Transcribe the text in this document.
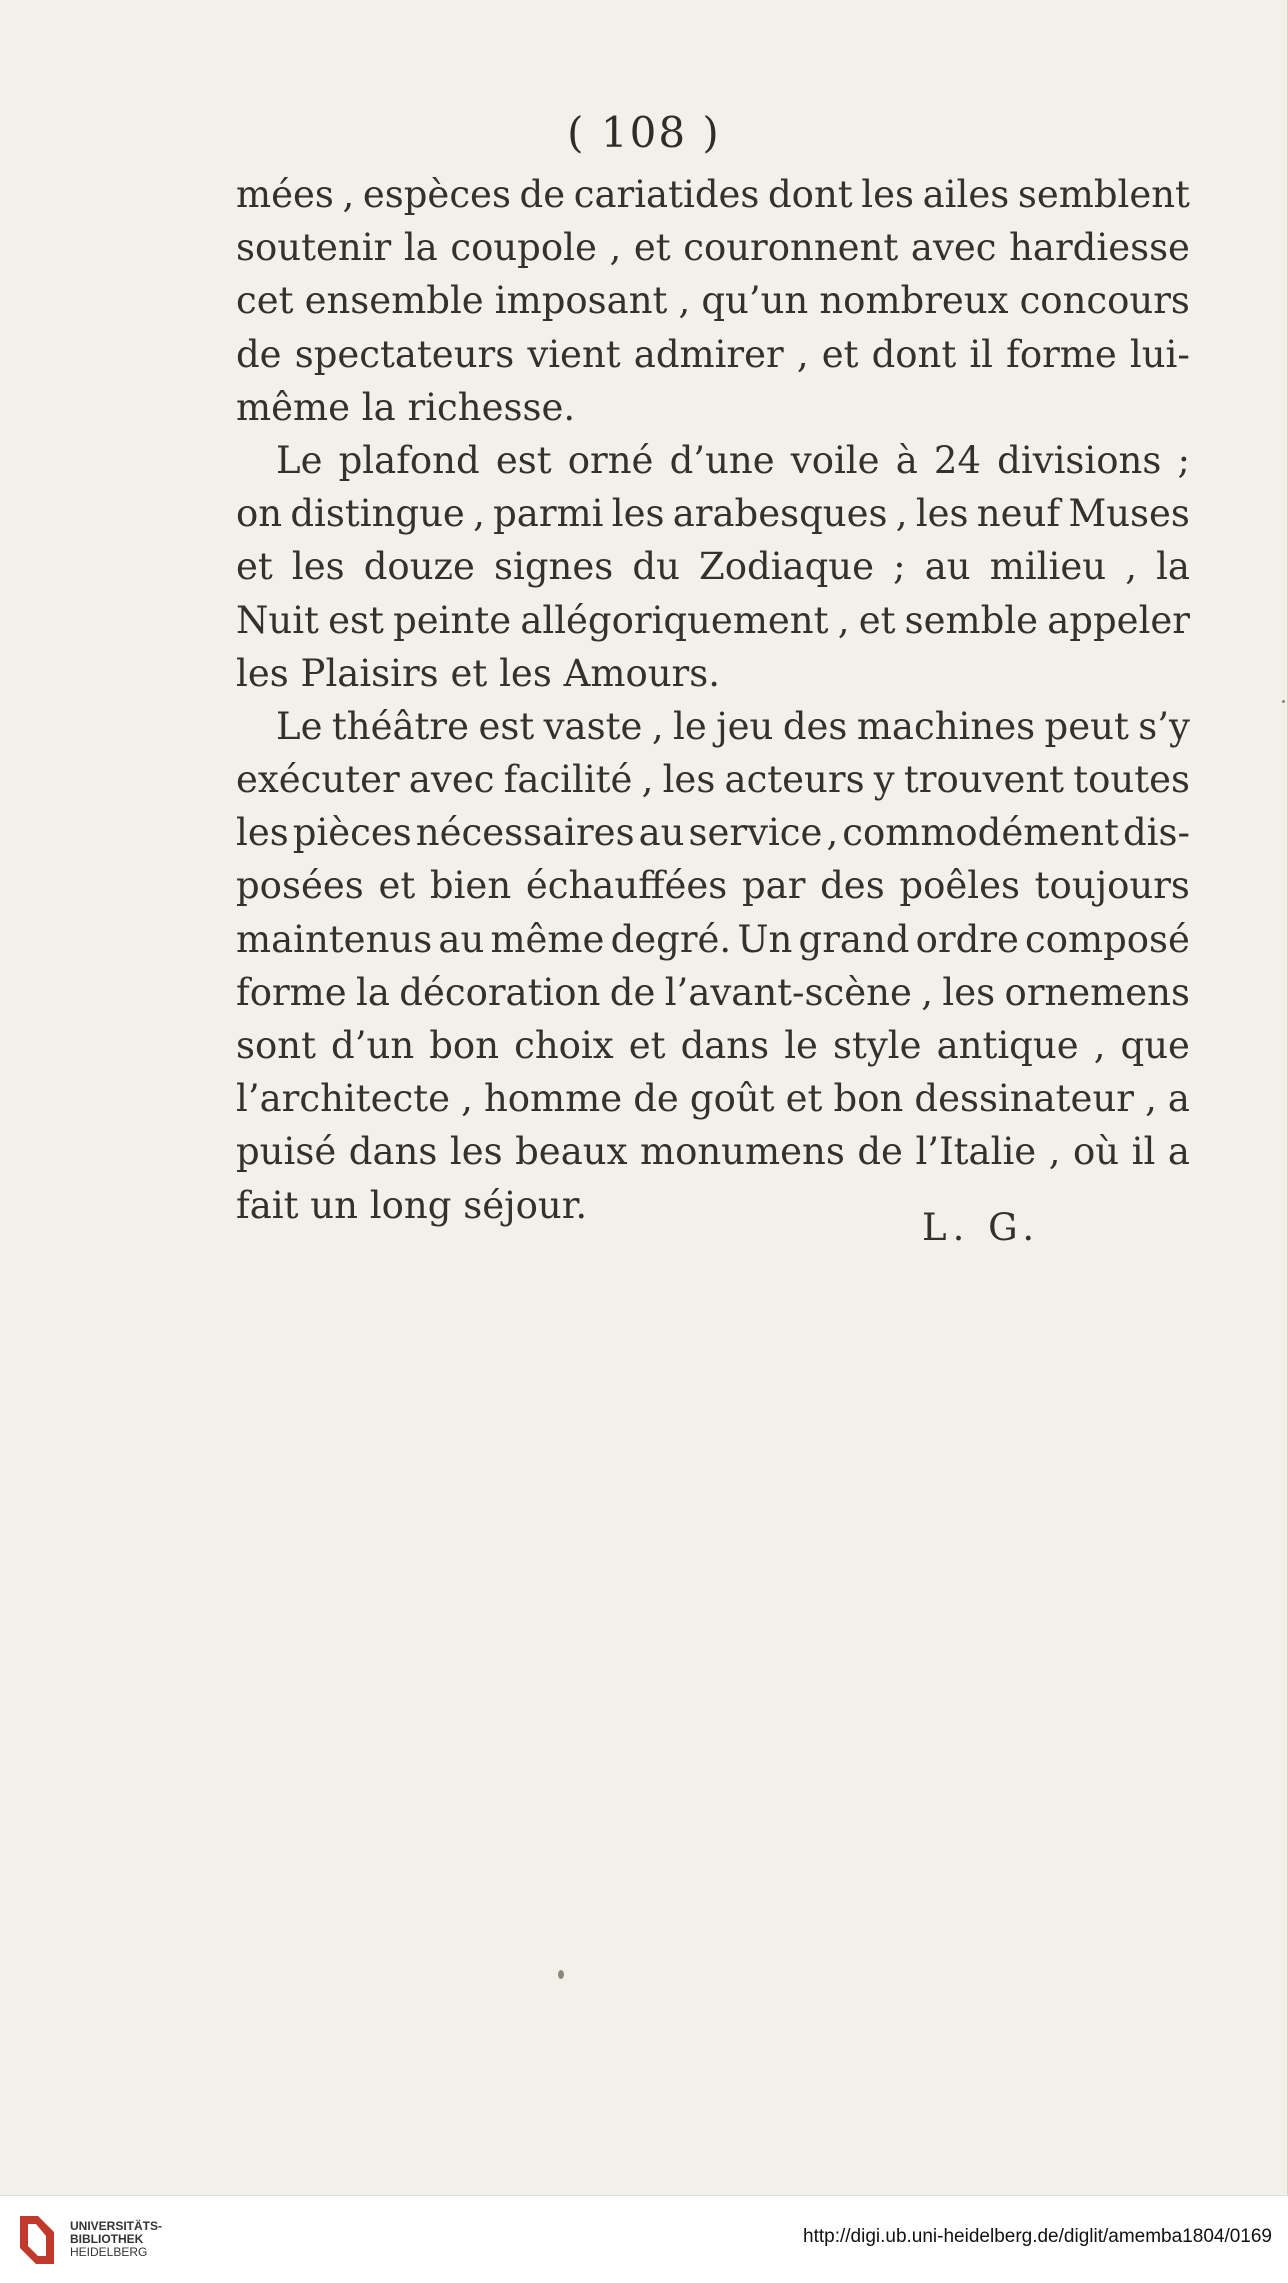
( 108 )
mées , espèces de cariatides dont les ailes semblent
soutenir la coupole , et couronnent avec hardiesse
cet ensemble imposant , qu’un nombreux concours
de spectateurs vient admirer , et dont il forme lui-
même la richesse.
Le plafond est orné d’une voile à 24 divisions ;
on distingue , parmi les arabesques , les neuf Muses
et les douze signes du Zodiaque ; au milieu , la
Nuit est peinte allégoriquement , et semble appeler
les Plaisirs et les Amours.
Le théâtre est vaste , le jeu des machines peut s’y
exécuter avec facilité , les acteurs y trouvent toutes
les pièces nécessaires au service , commodément dis-
posées et bien échauffées par des poêles toujours
maintenus au même degré. Un grand ordre composé
forme la décoration de l’avant-scène , les ornemens
sont d’un bon choix et dans le style antique , que
l’architecte , homme de goût et bon dessinateur , a
puisé dans les beaux monumens de l’Italie , où il a
fait un long séjour.
L. G.
UNIVERSITÄTS-
BIBLIOTHEK
HEIDELBERG
http://digi.ub.uni-heidelberg.de/diglit/amemba1804/0169
